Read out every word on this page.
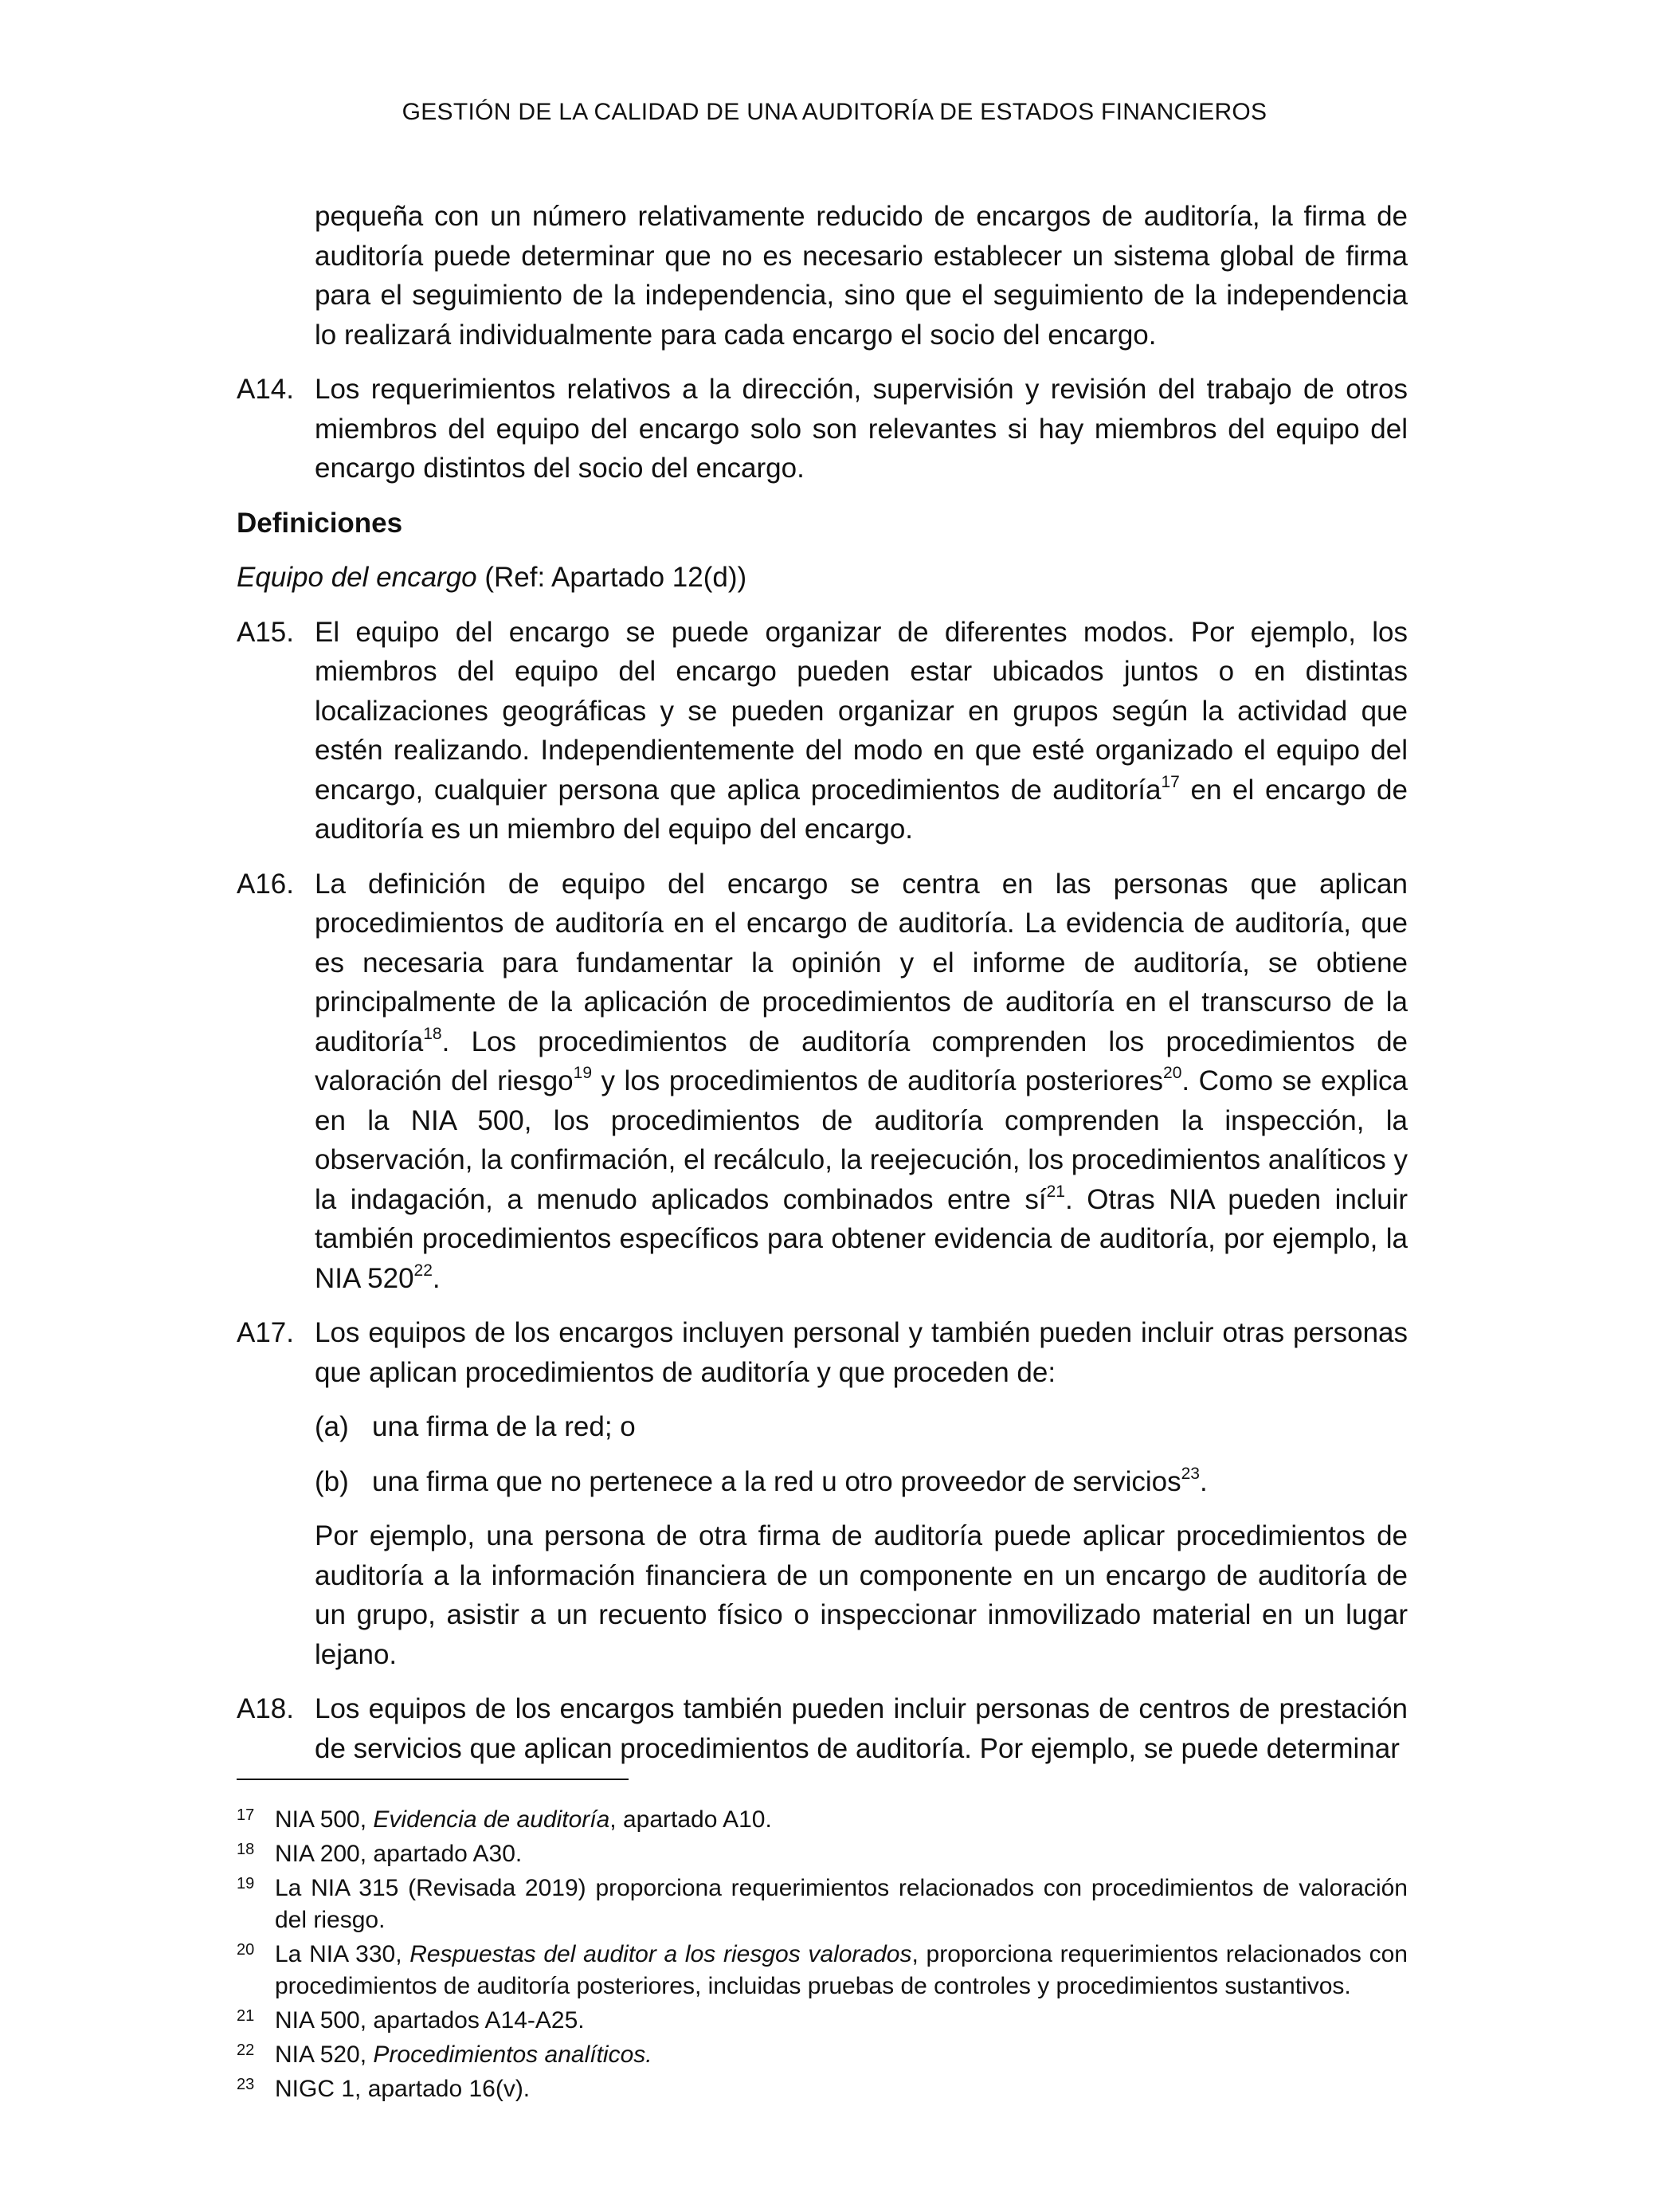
GESTIÓN DE LA CALIDAD DE UNA AUDITORÍA DE ESTADOS FINANCIEROS

pequeña con un número relativamente reducido de encargos de auditoría, la firma de auditoría puede determinar que no es necesario establecer un sistema global de firma para el seguimiento de la independencia, sino que el seguimiento de la independencia lo realizará individualmente para cada encargo el socio del encargo.

A14. Los requerimientos relativos a la dirección, supervisión y revisión del trabajo de otros miembros del equipo del encargo solo son relevantes si hay miembros del equipo del encargo distintos del socio del encargo.

Definiciones

Equipo del encargo (Ref: Apartado 12(d))

A15. El equipo del encargo se puede organizar de diferentes modos. Por ejemplo, los miembros del equipo del encargo pueden estar ubicados juntos o en distintas localizaciones geográficas y se pueden organizar en grupos según la actividad que estén realizando. Independientemente del modo en que esté organizado el equipo del encargo, cualquier persona que aplica procedimientos de auditoría$^{17}$ en el encargo de auditoría es un miembro del equipo del encargo.

A16. La definición de equipo del encargo se centra en las personas que aplican procedimientos de auditoría en el encargo de auditoría. La evidencia de auditoría, que es necesaria para fundamentar la opinión y el informe de auditoría, se obtiene principalmente de la aplicación de procedimientos de auditoría en el transcurso de la auditoría$^{18}$. Los procedimientos de auditoría comprenden los procedimientos de valoración del riesgo$^{19}$ y los procedimientos de auditoría posteriores$^{20}$. Como se explica en la NIA 500, los procedimientos de auditoría comprenden la inspección, la observación, la confirmación, el recálculo, la reejecución, los procedimientos analíticos y la indagación, a menudo aplicados combinados entre $sí^{21}$. Otras NIA pueden incluir también procedimientos específicos para obtener evidencia de auditoría, por ejemplo, la NIA $520^{22}$.

A17. Los equipos de los encargos incluyen personal y también pueden incluir otras personas que aplican procedimientos de auditoría y que proceden de:

(a) una firma de la red; o

(b) una firma que no pertenece a la red u otro proveedor de servicios$^{23}$.

Por ejemplo, una persona de otra firma de auditoría puede aplicar procedimientos de auditoría a la información financiera de un componente en un encargo de auditoría de un grupo, asistir a un recuento físico o inspeccionar inmovilizado material en un lugar lejano.

A18. Los equipos de los encargos también pueden incluir personas de centros de prestación de servicios que aplican procedimientos de auditoría. Por ejemplo, se puede determinar

17 NIA 500, Evidencia de auditoría, apartado A10.

18 NIA 200, apartado A30.

19 La NIA 315 (Revisada 2019) proporciona requerimientos relacionados con procedimientos de valoración del riesgo.

20 La NIA 330, Respuestas del auditor a los riesgos valorados, proporciona requerimientos relacionados con procedimientos de auditoría posteriores, incluidas pruebas de controles y procedimientos sustantivos.

21 NIA 500, apartados A14-A25.

22 NIA 520, Procedimientos analíticos.

23 NIGC 1, apartado 16(v).
